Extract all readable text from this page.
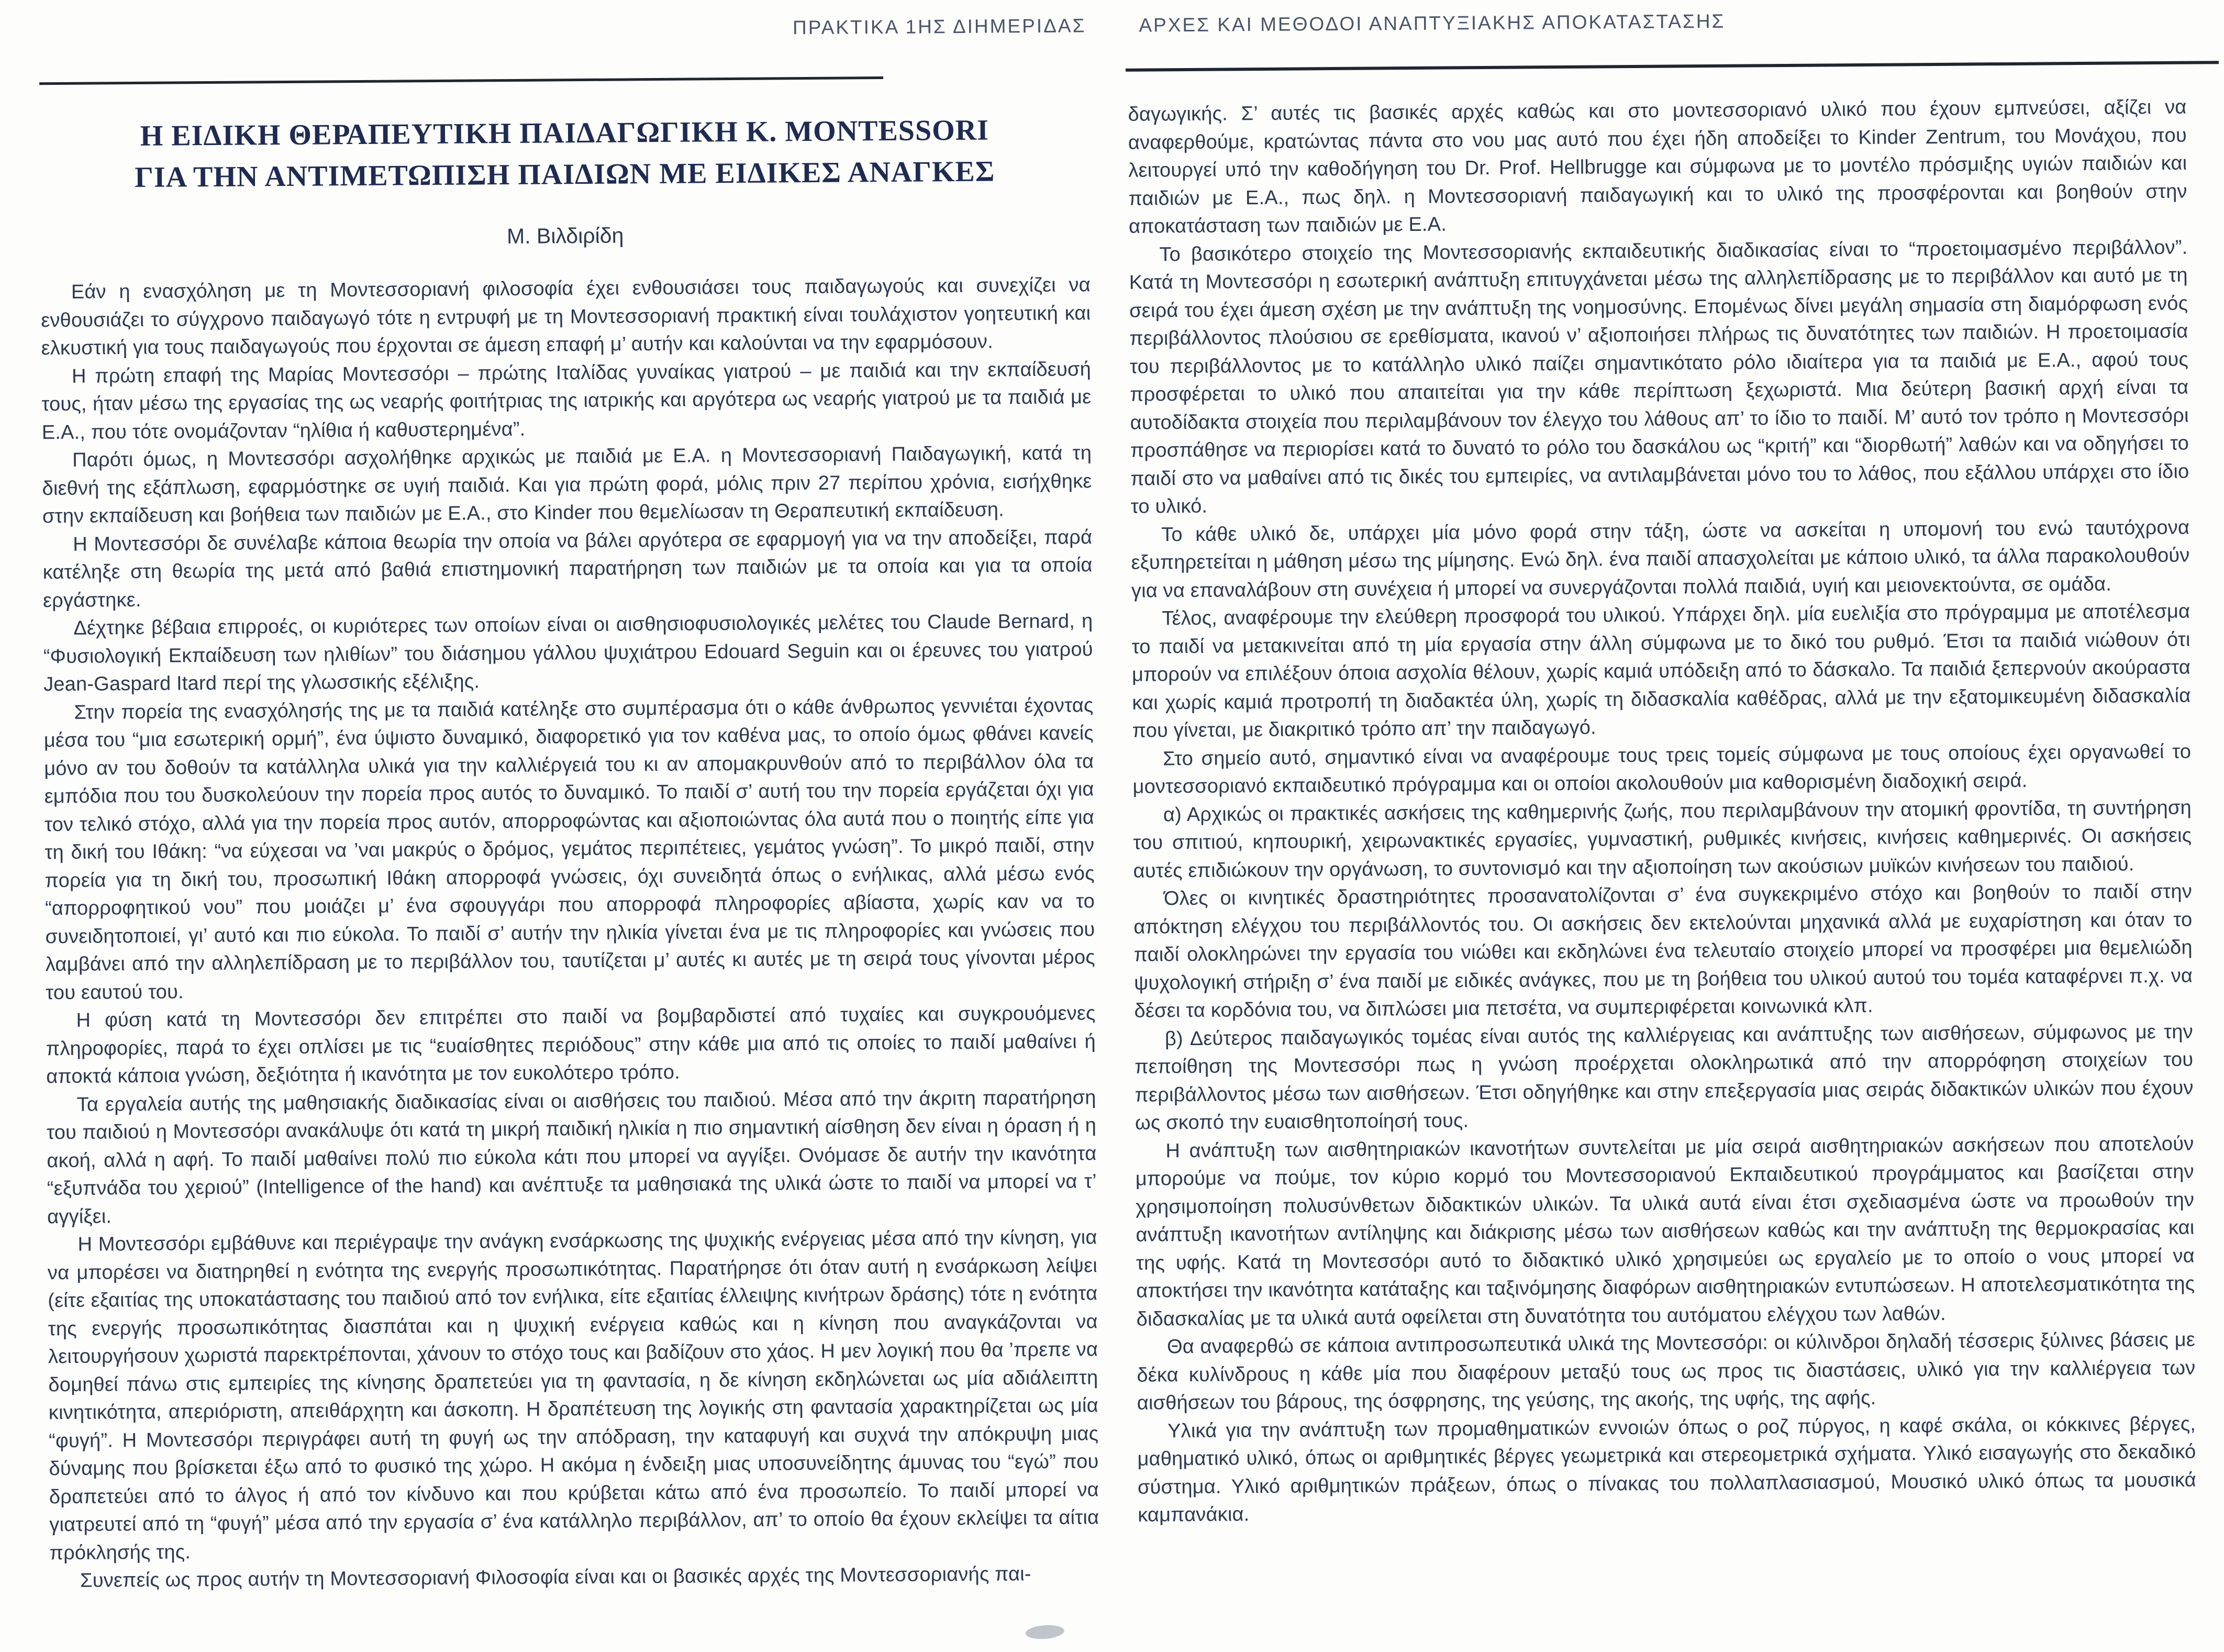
ΠΡΑΚΤΙΚΑ 1ΗΣ ΔΙΗΜΕΡΙΔΑΣ	ΑΡΧΕΣ ΚΑΙ ΜΕΘΟΔΟΙ ΑΝΑΠΤΥΞΙΑΚΗΣ ΑΠΟΚΑΤΑΣΤΑΣΗΣ
Η ΕΙΔΙΚΗ ΘΕΡΑΠΕΥΤΙΚΗ ΠΑΙΔΑΓΩΓΙΚΗ Κ. MONTESSORI
ΓΙΑ ΤΗΝ ΑΝΤΙΜΕΤΩΠΙΣΗ ΠΑΙΔΙΩΝ ΜΕ ΕΙΔΙΚΕΣ ΑΝΑΓΚΕΣ
Μ. Βιλδιρίδη

Εάν η ενασχόληση με τη Μοντεσσοριανή φιλοσοφία έχει ενθουσιάσει τους παιδαγωγούς και συνεχίζει να ενθουσιάζει το σύγχρονο παιδαγωγό τότε η εντρυφή με τη Μοντεσσοριανή πρακτική είναι τουλάχιστον γοητευτική και ελκυστική για τους παιδαγωγούς που έρχονται σε άμεση επαφή μ’ αυτήν και καλούνται να την εφαρμόσουν.

Η πρώτη επαφή της Μαρίας Μοντεσσόρι – πρώτης Ιταλίδας γυναίκας γιατρού – με παιδιά και την εκπαίδευσή τους, ήταν μέσω της εργασίας της ως νεαρής φοιτήτριας της ιατρικής και αργότερα ως νεαρής γιατρού με τα παιδιά με Ε.Α., που τότε ονομάζονταν “ηλίθια ή καθυστερημένα”.

Παρότι όμως, η Μοντεσσόρι ασχολήθηκε αρχικώς με παιδιά με Ε.Α. η Μοντεσσοριανή Παιδαγωγική, κατά τη διεθνή της εξάπλωση, εφαρμόστηκε σε υγιή παιδιά. Και για πρώτη φορά, μόλις πριν 27 περίπου χρόνια, εισήχθηκε στην εκπαίδευση και βοήθεια των παιδιών με Ε.Α., στο Kinder που θεμελίωσαν τη Θεραπευτική εκπαίδευση.

Η Μοντεσσόρι δε συνέλαβε κάποια θεωρία την οποία να βάλει αργότερα σε εφαρμογή για να την αποδείξει, παρά κατέληξε στη θεωρία της μετά από βαθιά επιστημονική παρατήρηση των παιδιών με τα οποία και για τα οποία εργάστηκε.

Δέχτηκε βέβαια επιρροές, οι κυριότερες των οποίων είναι οι αισθησιοφυσιολογικές μελέτες του Claude Bernard, η “Φυσιολογική Εκπαίδευση των ηλιθίων” του διάσημου γάλλου ψυχιάτρου Edouard Seguin και οι έρευνες του γιατρού Jean-Gaspard Itard περί της γλωσσικής εξέλιξης.

Στην πορεία της ενασχόλησής της με τα παιδιά κατέληξε στο συμπέρασμα ότι ο κάθε άνθρωπος γεννιέται έχοντας μέσα του “μια εσωτερική ορμή”, ένα ύψιστο δυναμικό, διαφορετικό για τον καθένα μας, το οποίο όμως φθάνει κανείς μόνο αν του δοθούν τα κατάλληλα υλικά για την καλλιέργειά του κι αν απομακρυνθούν από το περιβάλλον όλα τα εμπόδια που του δυσκολεύουν την πορεία προς αυτός το δυναμικό. Το παιδί σ’ αυτή του την πορεία εργάζεται όχι για τον τελικό στόχο, αλλά για την πορεία προς αυτόν, απορροφώντας και αξιοποιώντας όλα αυτά που ο ποιητής είπε για τη δική του Ιθάκη: “να εύχεσαι να ’ναι μακρύς ο δρόμος, γεμάτος περιπέτειες, γεμάτος γνώση”. Το μικρό παιδί, στην πορεία για τη δική του, προσωπική Ιθάκη απορροφά γνώσεις, όχι συνειδητά όπως ο ενήλικας, αλλά μέσω ενός “απορροφητικού νου” που μοιάζει μ’ ένα σφουγγάρι που απορροφά πληροφορίες αβίαστα, χωρίς καν να το συνειδητοποιεί, γι’ αυτό και πιο εύκολα. Το παιδί σ’ αυτήν την ηλικία γίνεται ένα με τις πληροφορίες και γνώσεις που λαμβάνει από την αλληλεπίδραση με το περιβάλλον του, ταυτίζεται μ’ αυτές κι αυτές με τη σειρά τους γίνονται μέρος του εαυτού του.

Η φύση κατά τη Μοντεσσόρι δεν επιτρέπει στο παιδί να βομβαρδιστεί από τυχαίες και συγκρουόμενες πληροφορίες, παρά το έχει οπλίσει με τις “ευαίσθητες περιόδους” στην κάθε μια από τις οποίες το παιδί μαθαίνει ή αποκτά κάποια γνώση, δεξιότητα ή ικανότητα με τον ευκολότερο τρόπο.

Τα εργαλεία αυτής της μαθησιακής διαδικασίας είναι οι αισθήσεις του παιδιού. Μέσα από την άκριτη παρατήρηση του παιδιού η Μοντεσσόρι ανακάλυψε ότι κατά τη μικρή παιδική ηλικία η πιο σημαντική αίσθηση δεν είναι η όραση ή η ακοή, αλλά η αφή. Το παιδί μαθαίνει πολύ πιο εύκολα κάτι που μπορεί να αγγίξει. Ονόμασε δε αυτήν την ικανότητα “εξυπνάδα του χεριού” (Intelligence of the hand) και ανέπτυξε τα μαθησιακά της υλικά ώστε το παιδί να μπορεί να τ’ αγγίξει.

Η Μοντεσσόρι εμβάθυνε και περιέγραψε την ανάγκη ενσάρκωσης της ψυχικής ενέργειας μέσα από την κίνηση, για να μπορέσει να διατηρηθεί η ενότητα της ενεργής προσωπικότητας. Παρατήρησε ότι όταν αυτή η ενσάρκωση λείψει (είτε εξαιτίας της υποκατάστασης του παιδιού από τον ενήλικα, είτε εξαιτίας έλλειψης κινήτρων δράσης) τότε η ενότητα της ενεργής προσωπικότητας διασπάται και η ψυχική ενέργεια καθώς και η κίνηση που αναγκάζονται να λειτουργήσουν χωριστά παρεκτρέπονται, χάνουν το στόχο τους και βαδίζουν στο χάος. Η μεν λογική που θα ’πρεπε να δομηθεί πάνω στις εμπειρίες της κίνησης δραπετεύει για τη φαντασία, η δε κίνηση εκδηλώνεται ως μία αδιάλειπτη κινητικότητα, απεριόριστη, απειθάρχητη και άσκοπη. Η δραπέτευση της λογικής στη φαντασία χαρακτηρίζεται ως μία “φυγή”. Η Μοντεσσόρι περιγράφει αυτή τη φυγή ως την απόδραση, την καταφυγή και συχνά την απόκρυψη μιας δύναμης που βρίσκεται έξω από το φυσικό της χώρο. Η ακόμα η ένδειξη μιας υποσυνείδητης άμυνας του “εγώ” που δραπετεύει από το άλγος ή από τον κίνδυνο και που κρύβεται κάτω από ένα προσωπείο. Το παιδί μπορεί να γιατρευτεί από τη “φυγή” μέσα από την εργασία σ’ ένα κατάλληλο περιβάλλον, απ’ το οποίο θα έχουν εκλείψει τα αίτια πρόκλησής της.

Συνεπείς ως προς αυτήν τη Μοντεσσοριανή Φιλοσοφία είναι και οι βασικές αρχές της Μοντεσσοριανής παι-

δαγωγικής. Σ’ αυτές τις βασικές αρχές καθώς και στο μοντεσσοριανό υλικό που έχουν εμπνεύσει, αξίζει να αναφερθούμε, κρατώντας πάντα στο νου μας αυτό που έχει ήδη αποδείξει το Kinder Zentrum, του Μονάχου, που λειτουργεί υπό την καθοδήγηση του Dr. Prof. Hellbrugge και σύμφωνα με το μοντέλο πρόσμιξης υγιών παιδιών και παιδιών με Ε.Α., πως δηλ. η Μοντεσσοριανή παιδαγωγική και το υλικό της προσφέρονται και βοηθούν στην αποκατάσταση των παιδιών με Ε.Α.

Το βασικότερο στοιχείο της Μοντεσσοριανής εκπαιδευτικής διαδικασίας είναι το “προετοιμασμένο περιβάλλον”. Κατά τη Μοντεσσόρι η εσωτερική ανάπτυξη επιτυγχάνεται μέσω της αλληλεπίδρασης με το περιβάλλον και αυτό με τη σειρά του έχει άμεση σχέση με την ανάπτυξη της νοημοσύνης. Επομένως δίνει μεγάλη σημασία στη διαμόρφωση ενός περιβάλλοντος πλούσιου σε ερεθίσματα, ικανού ν’ αξιοποιήσει πλήρως τις δυνατότητες των παιδιών. Η προετοιμασία του περιβάλλοντος με το κατάλληλο υλικό παίζει σημαντικότατο ρόλο ιδιαίτερα για τα παιδιά με Ε.Α., αφού τους προσφέρεται το υλικό που απαιτείται για την κάθε περίπτωση ξεχωριστά. Μια δεύτερη βασική αρχή είναι τα αυτοδίδακτα στοιχεία που περιλαμβάνουν τον έλεγχο του λάθους απ’ το ίδιο το παιδί. Μ’ αυτό τον τρόπο η Μοντεσσόρι προσπάθησε να περιορίσει κατά το δυνατό το ρόλο του δασκάλου ως “κριτή” και “διορθωτή” λαθών και να οδηγήσει το παιδί στο να μαθαίνει από τις δικές του εμπειρίες, να αντιλαμβάνεται μόνο του το λάθος, που εξάλλου υπάρχει στο ίδιο το υλικό.

Το κάθε υλικό δε, υπάρχει μία μόνο φορά στην τάξη, ώστε να ασκείται η υπομονή του ενώ ταυτόχρονα εξυπηρετείται η μάθηση μέσω της μίμησης. Ενώ δηλ. ένα παιδί απασχολείται με κάποιο υλικό, τα άλλα παρακολουθούν για να επαναλάβουν στη συνέχεια ή μπορεί να συνεργάζονται πολλά παιδιά, υγιή και μειονεκτούντα, σε ομάδα.

Τέλος, αναφέρουμε την ελεύθερη προσφορά του υλικού. Υπάρχει δηλ. μία ευελιξία στο πρόγραμμα με αποτέλεσμα το παιδί να μετακινείται από τη μία εργασία στην άλλη σύμφωνα με το δικό του ρυθμό. Έτσι τα παιδιά νιώθουν ότι μπορούν να επιλέξουν όποια ασχολία θέλουν, χωρίς καμιά υπόδειξη από το δάσκαλο. Τα παιδιά ξεπερνούν ακούραστα και χωρίς καμιά προτροπή τη διαδακτέα ύλη, χωρίς τη διδασκαλία καθέδρας, αλλά με την εξατομικευμένη διδασκαλία που γίνεται, με διακριτικό τρόπο απ’ την παιδαγωγό.

Στο σημείο αυτό, σημαντικό είναι να αναφέρουμε τους τρεις τομείς σύμφωνα με τους οποίους έχει οργανωθεί το μοντεσσοριανό εκπαιδευτικό πρόγραμμα και οι οποίοι ακολουθούν μια καθορισμένη διαδοχική σειρά.

α) Αρχικώς οι πρακτικές ασκήσεις της καθημερινής ζωής, που περιλαμβάνουν την ατομική φροντίδα, τη συντήρηση του σπιτιού, κηπουρική, χειρωνακτικές εργασίες, γυμναστική, ρυθμικές κινήσεις, κινήσεις καθημερινές. Οι ασκήσεις αυτές επιδιώκουν την οργάνωση, το συντονισμό και την αξιοποίηση των ακούσιων μυϊκών κινήσεων του παιδιού.

Όλες οι κινητικές δραστηριότητες προσανατολίζονται σ’ ένα συγκεκριμένο στόχο και βοηθούν το παιδί στην απόκτηση ελέγχου του περιβάλλοντός του. Οι ασκήσεις δεν εκτελούνται μηχανικά αλλά με ευχαρίστηση και όταν το παιδί ολοκληρώνει την εργασία του νιώθει και εκδηλώνει ένα τελευταίο στοιχείο μπορεί να προσφέρει μια θεμελιώδη ψυχολογική στήριξη σ’ ένα παιδί με ειδικές ανάγκες, που με τη βοήθεια του υλικού αυτού του τομέα καταφέρνει π.χ. να δέσει τα κορδόνια του, να διπλώσει μια πετσέτα, να συμπεριφέρεται κοινωνικά κλπ.

β) Δεύτερος παιδαγωγικός τομέας είναι αυτός της καλλιέργειας και ανάπτυξης των αισθήσεων, σύμφωνος με την πεποίθηση της Μοντεσσόρι πως η γνώση προέρχεται ολοκληρωτικά από την απορρόφηση στοιχείων του περιβάλλοντος μέσω των αισθήσεων. Έτσι οδηγήθηκε και στην επεξεργασία μιας σειράς διδακτικών υλικών που έχουν ως σκοπό την ευαισθητοποίησή τους.

Η ανάπτυξη των αισθητηριακών ικανοτήτων συντελείται με μία σειρά αισθητηριακών ασκήσεων που αποτελούν μπορούμε να πούμε, τον κύριο κορμό του Μοντεσσοριανού Εκπαιδευτικού προγράμματος και βασίζεται στην χρησιμοποίηση πολυσύνθετων διδακτικών υλικών. Τα υλικά αυτά είναι έτσι σχεδιασμένα ώστε να προωθούν την ανάπτυξη ικανοτήτων αντίληψης και διάκρισης μέσω των αισθήσεων καθώς και την ανάπτυξη της θερμοκρασίας και της υφής. Κατά τη Μοντεσσόρι αυτό το διδακτικό υλικό χρησιμεύει ως εργαλείο με το οποίο ο νους μπορεί να αποκτήσει την ικανότητα κατάταξης και ταξινόμησης διαφόρων αισθητηριακών εντυπώσεων. Η αποτελεσματικότητα της διδασκαλίας με τα υλικά αυτά οφείλεται στη δυνατότητα του αυτόματου ελέγχου των λαθών.

Θα αναφερθώ σε κάποια αντιπροσωπευτικά υλικά της Μοντεσσόρι: οι κύλινδροι δηλαδή τέσσερις ξύλινες βάσεις με δέκα κυλίνδρους η κάθε μία που διαφέρουν μεταξύ τους ως προς τις διαστάσεις, υλικό για την καλλιέργεια των αισθήσεων του βάρους, της όσφρησης, της γεύσης, της ακοής, της υφής, της αφής.

Υλικά για την ανάπτυξη των προμαθηματικών εννοιών όπως ο ροζ πύργος, η καφέ σκάλα, οι κόκκινες βέργες, μαθηματικό υλικό, όπως οι αριθμητικές βέργες γεωμετρικά και στερεομετρικά σχήματα. Υλικό εισαγωγής στο δεκαδικό σύστημα. Υλικό αριθμητικών πράξεων, όπως ο πίνακας του πολλαπλασιασμού, Μουσικό υλικό όπως τα μουσικά καμπανάκια.
